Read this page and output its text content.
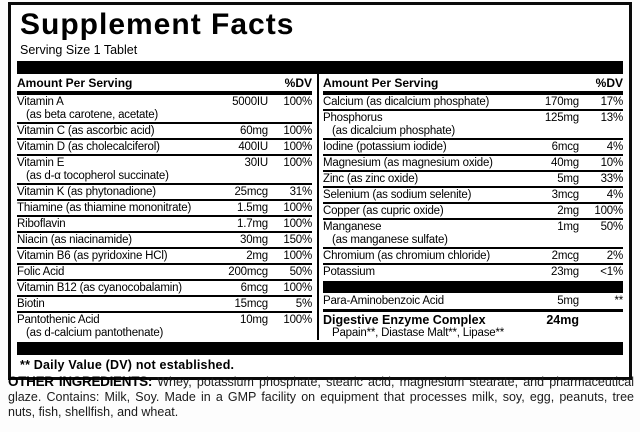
Supplement Facts
Serving Size 1 Tablet
Amount Per Serving	%DV
Vitamin A	5000IU	100%
(as beta carotene, acetate)
Vitamin C (as ascorbic acid)	60mg	100%
Vitamin D (as cholecalciferol)	400IU	100%
Vitamin E	30IU	100%
(as d-α tocopherol succinate)
Vitamin K (as phytonadione)	25mcg	31%
Thiamine (as thiamine mononitrate)	1.5mg	100%
Riboflavin	1.7mg	100%
Niacin (as niacinamide)	30mg	150%
Vitamin B6 (as pyridoxine HCl)	2mg	100%
Folic Acid	200mcg	50%
Vitamin B12 (as cyanocobalamin)	6mcg	100%
Biotin	15mcg	5%
Pantothenic Acid	10mg	100%
(as d-calcium pantothenate)
Amount Per Serving	%DV
Calcium (as dicalcium phosphate)	170mg	17%
Phosphorus	125mg	13%
(as dicalcium phosphate)
Iodine (potassium iodide)	6mcg	4%
Magnesium (as magnesium oxide)	40mg	10%
Zinc (as zinc oxide)	5mg	33%
Selenium (as sodium selenite)	3mcg	4%
Copper (as cupric oxide)	2mg	100%
Manganese	1mg	50%
(as manganese sulfate)
Chromium (as chromium chloride)	2mcg	2%
Potassium	23mg	<1%
Para-Aminobenzoic Acid	5mg	**
Digestive Enzyme Complex	24mg
Papain**, Diastase Malt**, Lipase**
** Daily Value (DV) not established.

OTHER INGREDIENTS: Whey, potassium phosphate, stearic acid, magnesium stearate, and pharmaceutical glaze. Contains: Milk, Soy. Made in a GMP facility on equipment that processes milk, soy, egg, peanuts, tree nuts, fish, shellfish, and wheat.
